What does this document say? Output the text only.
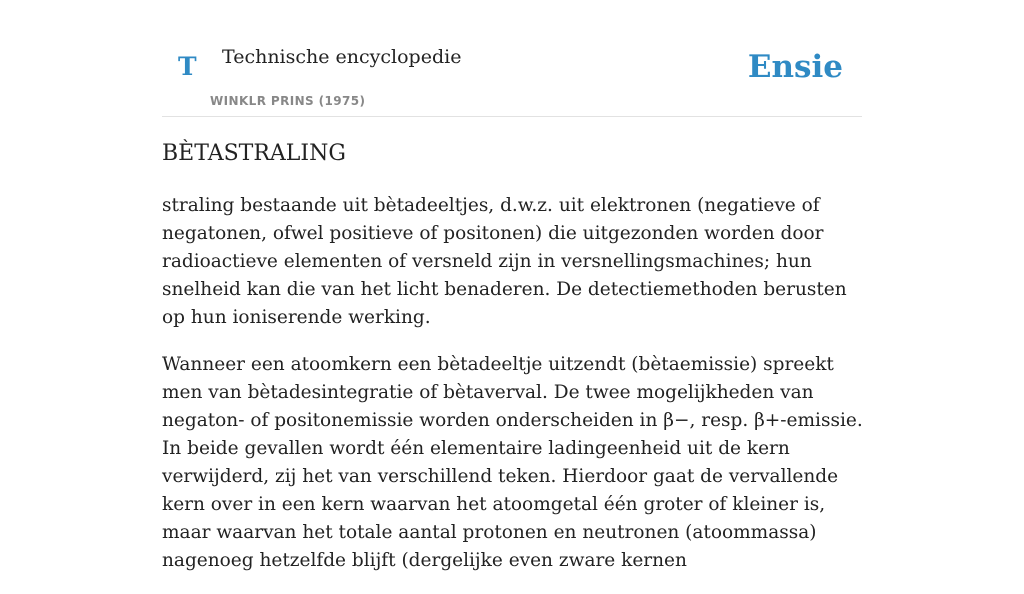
T Technische encyclopedie
WINKLR PRINS (1975)
Ensie
BÈTASTRALING

straling bestaande uit bètadeeltjes, d.w.z. uit elektronen (negatieve of negatonen, ofwel positieve of positonen) die uitgezonden worden door radioactieve elementen of versneld zijn in versnellingsmachines; hun snelheid kan die van het licht benaderen. De detectiemethoden berusten op hun ioniserende werking.

Wanneer een atoomkern een bètadeeltje uitzendt (bètaemissie) spreekt men van bètadesintegratie of bètaverval. De twee mogelijkheden van negaton- of positonemissie worden onderscheiden in β−, resp. β+-emissie. In beide gevallen wordt één elementaire ladingeenheid uit de kern verwijderd, zij het van verschillend teken. Hierdoor gaat de vervallende kern over in een kern waarvan het atoomgetal één groter of kleiner is, maar waarvan het totale aantal protonen en neutronen (atoommassa) nagenoeg hetzelfde blijft (dergelijke even zware kernen
